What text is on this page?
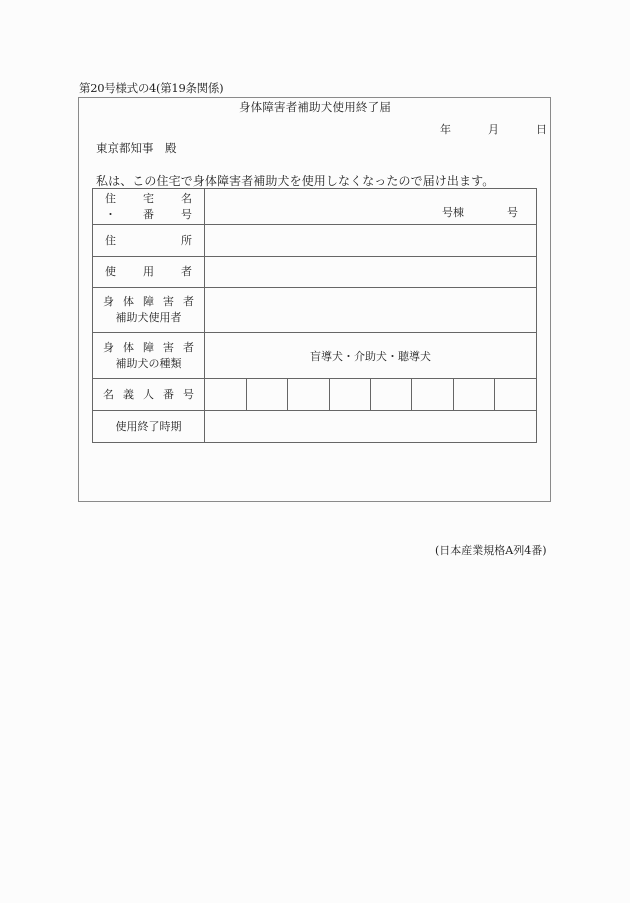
第20号様式の4(第19条関係)
身体障害者補助犬使用終了届
年	月	日
東京都知事　殿
私は、この住宅で身体障害者補助犬を使用しなくなったので届け出ます。
住 宅 名
・ 番 号	号棟	号

住	所

使 用 者

身 体 障 害 者
補助犬使用者

身 体 障 害 者
補助犬の種類
	盲導犬・介助犬・聴導犬

名 義 人 番 号

使用終了時期	
(日本産業規格A列4番)
